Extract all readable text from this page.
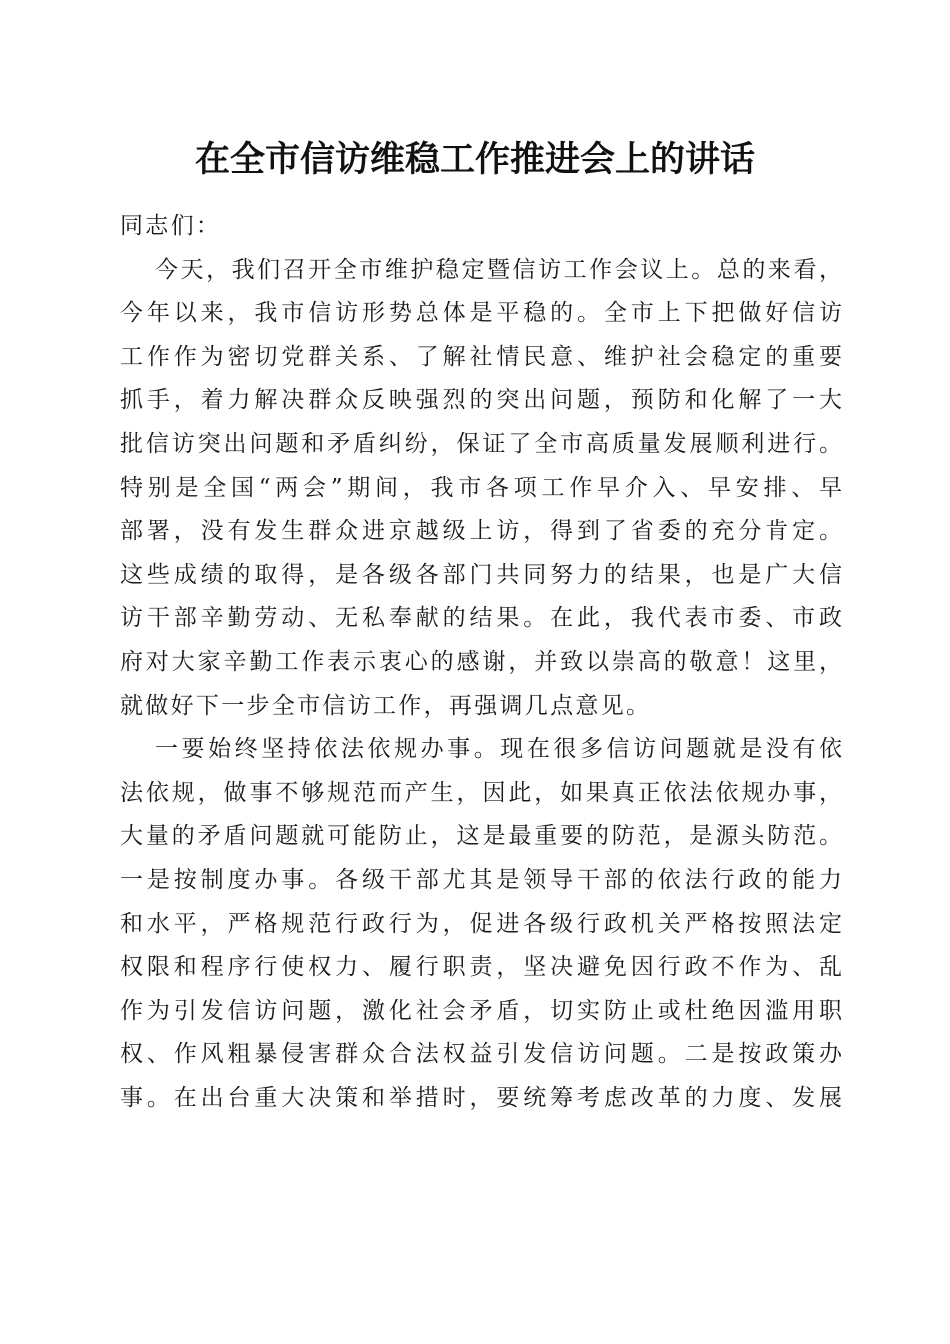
在全市信访维稳工作推进会上的讲话
同志们：
今天，我们召开全市维护稳定暨信访工作会议上。总的来看，
今年以来，我市信访形势总体是平稳的。全市上下把做好信访
工作作为密切党群关系、了解社情民意、维护社会稳定的重要
抓手，着力解决群众反映强烈的突出问题，预防和化解了一大
批信访突出问题和矛盾纠纷，保证了全市高质量发展顺利进行。
特别是全国“两会”期间，我市各项工作早介入、早安排、早
部署，没有发生群众进京越级上访，得到了省委的充分肯定。
这些成绩的取得，是各级各部门共同努力的结果，也是广大信
访干部辛勤劳动、无私奉献的结果。在此，我代表市委、市政
府对大家辛勤工作表示衷心的感谢，并致以崇高的敬意！这里，
就做好下一步全市信访工作，再强调几点意见。
一要始终坚持依法依规办事。现在很多信访问题就是没有依
法依规，做事不够规范而产生，因此，如果真正依法依规办事，
大量的矛盾问题就可能防止，这是最重要的防范，是源头防范。
一是按制度办事。各级干部尤其是领导干部的依法行政的能力
和水平，严格规范行政行为，促进各级行政机关严格按照法定
权限和程序行使权力、履行职责，坚决避免因行政不作为、乱
作为引发信访问题，激化社会矛盾，切实防止或杜绝因滥用职
权、作风粗暴侵害群众合法权益引发信访问题。二是按政策办
事。在出台重大决策和举措时，要统筹考虑改革的力度、发展
